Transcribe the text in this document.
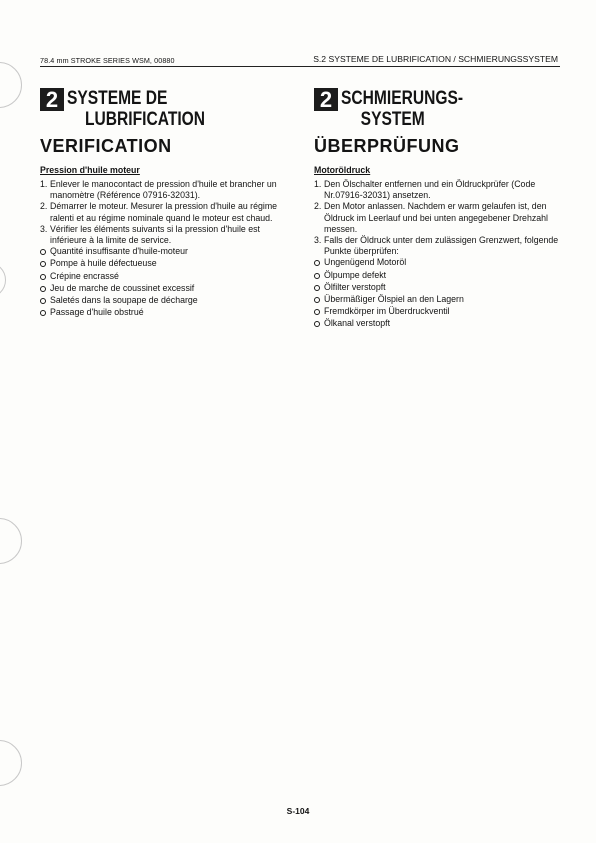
78.4 mm STROKE SERIES WSM, 00880	S.2 SYSTEME DE LUBRIFICATION / SCHMIERUNGSSYSTEM
2 SYSTEME DE
LUBRIFICATION
VERIFICATION
Pression d'huile moteur
1. Enlever le manocontact de pression d'huile et brancher un manomètre (Référence 07916-32031).
2. Démarrer le moteur. Mesurer la pression d'huile au régime ralenti et au régime nominale quand le moteur est chaud.
3. Vérifier les éléments suivants si la pression d'huile est inférieure à la limite de service.
Quantité insuffisante d'huile-moteur
Pompe à huile défectueuse
Crépine encrassé
Jeu de marche de coussinet excessif
Saletés dans la soupape de décharge
Passage d'huile obstrué
2 SCHMIERUNGS-
SYSTEM
ÜBERPRÜFUNG
Motoröldruck
1. Den Ölschalter entfernen und ein Öldruckprüfer (Code Nr.07916-32031) ansetzen.
2. Den Motor anlassen. Nachdem er warm gelaufen ist, den Öldruck im Leerlauf und bei unten angegebener Drehzahl messen.
3. Falls der Öldruck unter dem zulässigen Grenzwert, folgende Punkte überprüfen:
Ungenügend Motoröl
Ölpumpe defekt
Ölfilter verstopft
Übermäßiger Ölspiel an den Lagern
Fremdkörper im Überdruckventil
Ölkanal verstopft
S-104
